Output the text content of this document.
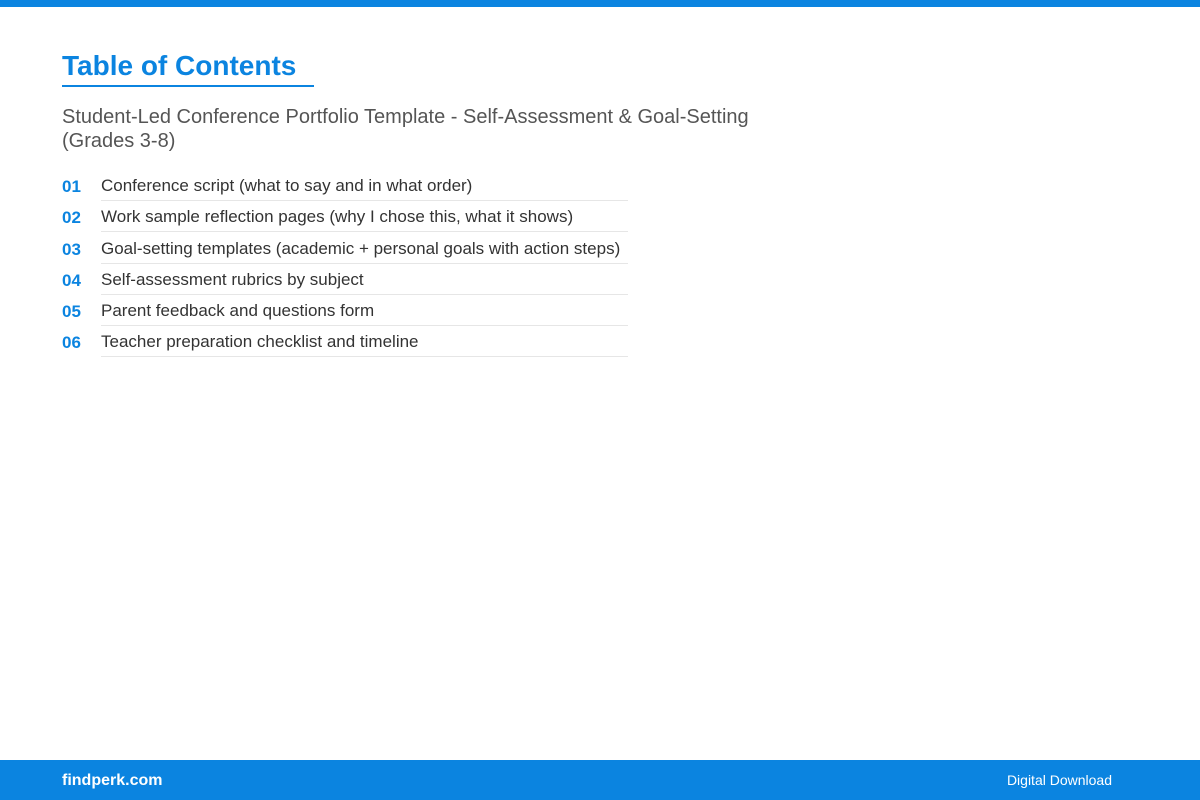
Table of Contents

Student-Led Conference Portfolio Template - Self-Assessment & Goal-Setting (Grades 3-8)

01	Conference script (what to say and in what order)
02	Work sample reflection pages (why I chose this, what it shows)
03	Goal-setting templates (academic + personal goals with action steps)
04	Self-assessment rubrics by subject
05	Parent feedback and questions form
06	Teacher preparation checklist and timeline
findperk.com	Digital Download
